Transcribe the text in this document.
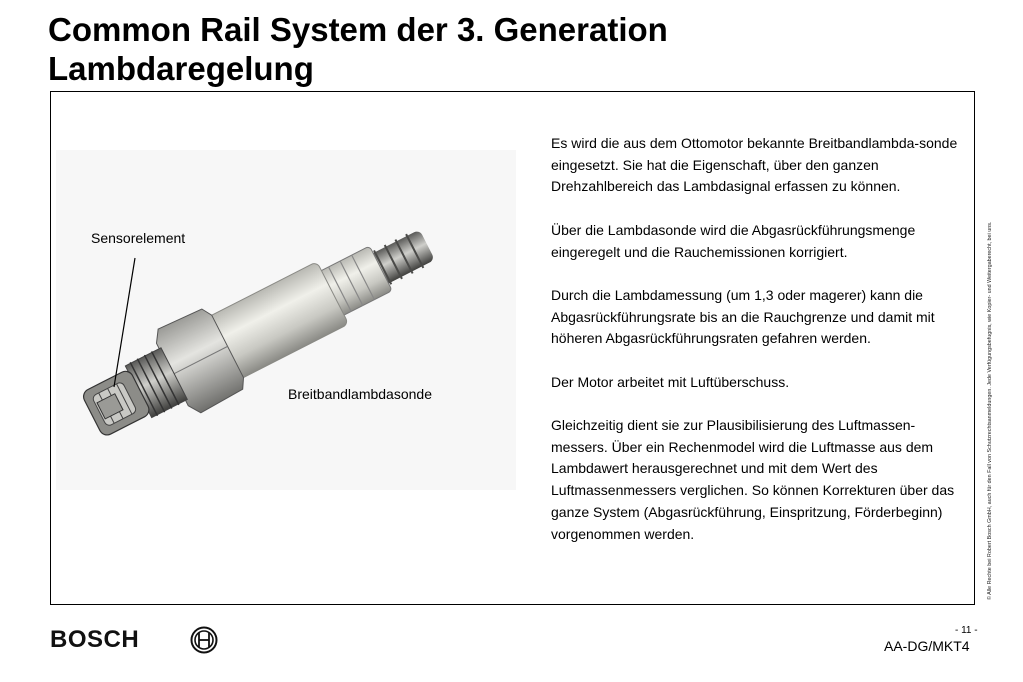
Common Rail System der 3. Generation
Lambdaregelung
Sensorelement
Breitbandlambdasonde

Es wird die aus dem Ottomotor bekannte Breitbandlambda-sonde eingesetzt. Sie hat die Eigenschaft, über den ganzen Drehzahlbereich das Lambdasignal erfassen zu können.

Über die Lambdasonde wird die Abgasrückführungsmenge eingeregelt und die Rauchemissionen korrigiert.

Durch die Lambdamessung (um 1,3 oder magerer) kann die Abgasrückführungsrate bis an die Rauchgrenze und damit mit höheren Abgasrückführungsraten gefahren werden.

Der Motor arbeitet mit Luftüberschuss.

Gleichzeitig dient sie zur Plausibilisierung des Luftmassen-messers. Über ein Rechenmodel wird die Luftmasse aus dem Lambdawert herausgerechnet und mit dem Wert des Luftmassenmessers verglichen. So können Korrekturen über das ganze System (Abgasrückführung, Einspritzung, Förderbeginn) vorgenommen werden.	© Alle Rechte bei Robert Bosch GmbH, auch für den Fall von Schutzrechtsanmeldungen. Jede Verfügungsbefugnis, wie Kopier- und Weitergaberecht, bei uns.
BOSCH	- 11 -
AA-DG/MKT4
